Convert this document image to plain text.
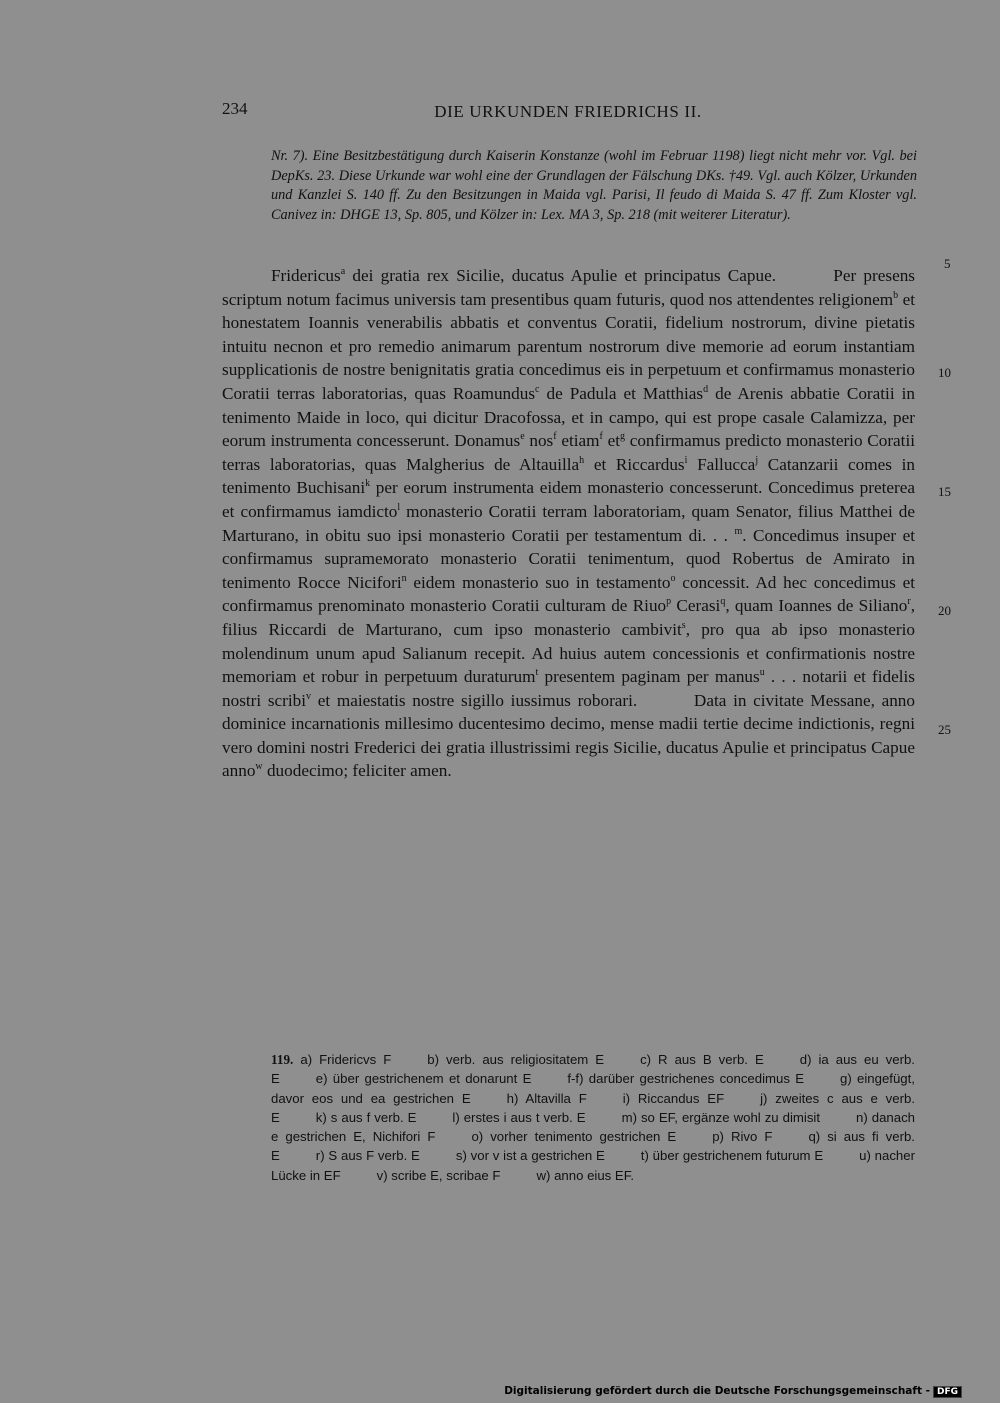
234	DIE URKUNDEN FRIEDRICHS II.

Nr. 7). Eine Besitzbestätigung durch Kaiserin Konstanze (wohl im Februar 1198) liegt nicht mehr vor. Vgl. bei DepKs. 23. Diese Urkunde war wohl eine der Grundlagen der Fälschung DKs. †49. Vgl. auch Kölzer, Urkunden und Kanzlei S. 140 ff. Zu den Besitzungen in Maida vgl. Parisi, Il feudo di Maida S. 47 ff. Zum Kloster vgl. Canivez in: DHGE 13, Sp. 805, und Kölzer in: Lex. MA 3, Sp. 218 (mit weiterer Literatur).

5

Fridericus$^a$ dei gratia rex Sicilie, ducatus Apulie et principatus Capue.	Per presens scriptum notum facimus universis tam presentibus quam futuris, quod nos attendentes religionem$^b$ et honestatem Ioannis venerabilis abbatis et conventus Coratii, fidelium nostrorum, divine pietatis intuitu necnon et pro remedio animarum parentum nostrorum dive memorie ad eorum instantiam supplicationis de nostre benignitatis gratia concedimus eis in perpetuum et confirmamus monasterio Coratii terras laboratorias, quas Roamundus$^c$ de Padula et Matthias$^d$ de Arenis abbatie Coratii in tenimento Maide in loco, qui dicitur Dracofossa, et in campo, qui est prope casale Calamizza, per eorum instrumenta concesserunt. Donamus$^e$ nos$^f$ etiam$^f$ $et^g$ confirmamus predicto monasterio Coratii terras laboratorias, quas Malgherius de Altauilla$^h$ et Riccardus$^i$ Fallucca$^j$ Catanzarii comes in tenimento Buchisani$^k$ per eorum instrumenta eidem monasterio concesserunt. Concedimus preterea et confirmamus iamdicto$^l$ monasterio Coratii terram laboratoriam, quam Senator, filius Matthei de Marturano, in obitu suo ipsi monasterio Coratii per testamentum di. . . $^m$. Concedimus insuper et confirmamus suprameмorato monasterio Coratii tenimentum, quod Robertus de Amirato in tenimento Rocce Nicifori$^n$ eidem monasterio suo in testamento$^o$ concessit. Ad hec concedimus et confirmamus prenominato monasterio Coratii culturam de Riuo$^p$ Cerasi$^q$, quam Ioannes de Siliano$^r$, filius Riccardi de Marturano, cum ipso monasterio cambivit$^s$, pro qua ab ipso monasterio molendinum unum apud Salianum recepit. Ad huius autem concessionis et confirmationis nostre memoriam et robur in perpetuum duraturum$^t$ presentem paginam per manus$^u$ . . . notarii et fidelis nostri scribi$^v$ et maiestatis nostre sigillo iussimus roborari.	Data in civitate Messane, anno dominice incarnationis millesimo ducentesimo decimo, mense madii tertie decime indictionis, regni vero domini nostri Frederici dei gratia illustrissimi regis Sicilie, ducatus Apulie et principatus Capue anno$^w$ duodecimo; feliciter amen.

10
15
20
25

119. a) Fridericvs F	b) verb. aus religiositatem E	c) R aus B verb. E	d) ia aus eu verb. E	e) über gestrichenem et donarunt E	f-f) darüber gestrichenes concedimus E	g) eingefügt, davor eos und ea gestrichen E	h) Altavilla F	i) Riccandus EF	j) zweites c aus e verb. E	k) s aus f verb. E	l) erstes i aus t verb. E	m) so EF, ergänze wohl zu dimisit	n) danach e gestrichen E, Nichifori F	o) vorher tenimento gestrichen E	p) Rivo F	q) si aus fi verb. E	r) S aus F verb. E	s) vor v ist a gestrichen E	t) über gestrichenem futurum E	u) nacher Lücke in EF	v) scribe E, scribae F	w) anno eius EF.

Digitalisierung gefördert durch die Deutsche Forschungsgemeinschaft - DFG
